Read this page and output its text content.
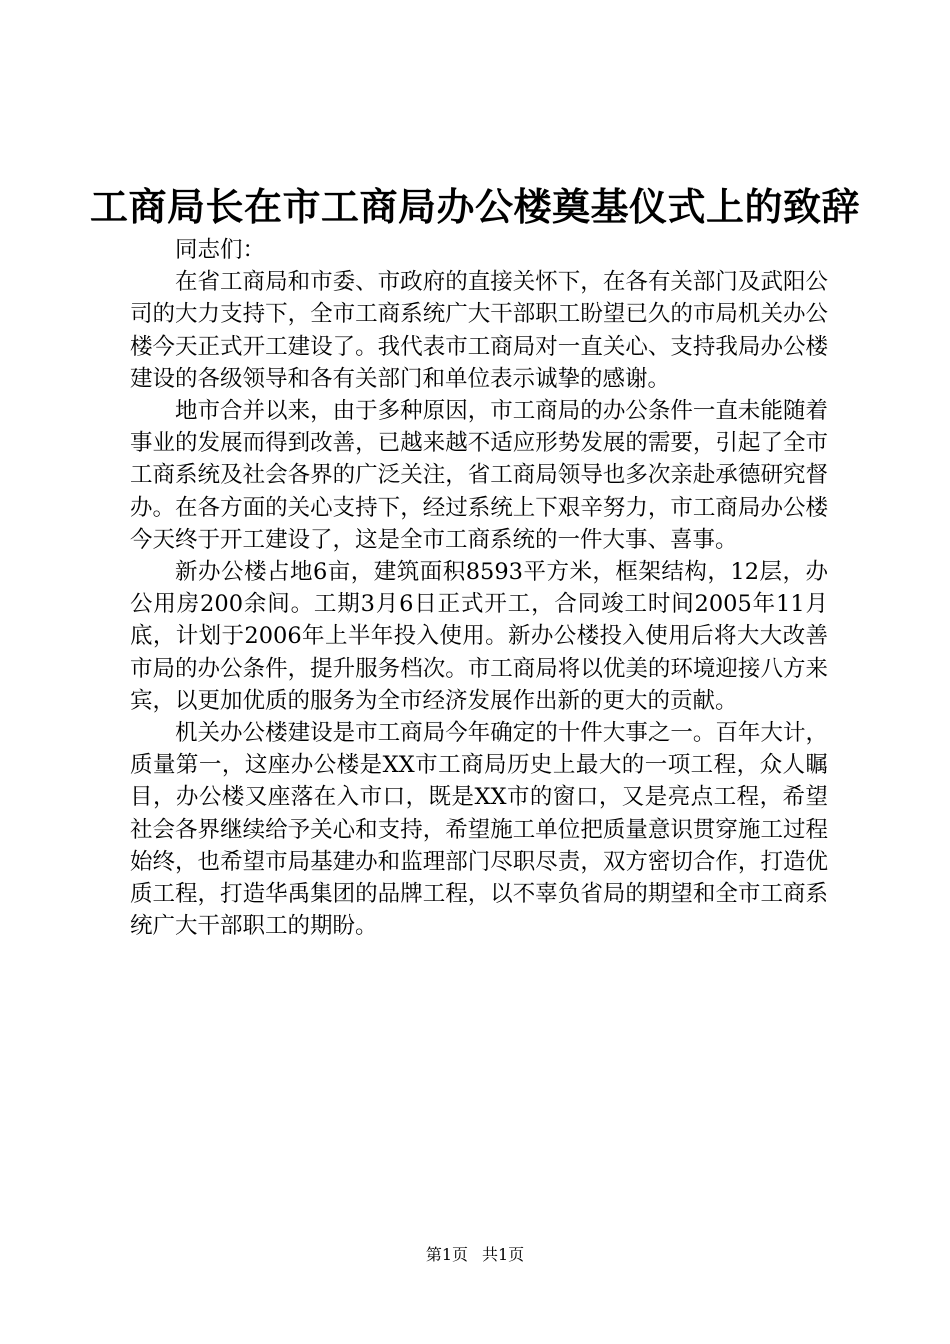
工商局长在市工商局办公楼奠基仪式上的致辞

同志们：

在省工商局和市委、市政府的直接关怀下，在各有关部门及武阳公司的大力支持下，全市工商系统广大干部职工盼望已久的市局机关办公楼今天正式开工建设了。我代表市工商局对一直关心、支持我局办公楼建设的各级领导和各有关部门和单位表示诚挚的感谢。

地市合并以来，由于多种原因，市工商局的办公条件一直未能随着事业的发展而得到改善，已越来越不适应形势发展的需要，引起了全市工商系统及社会各界的广泛关注，省工商局领导也多次亲赴承德研究督办。在各方面的关心支持下，经过系统上下艰辛努力，市工商局办公楼今天终于开工建设了，这是全市工商系统的一件大事、喜事。

新办公楼占地6亩，建筑面积8593平方米，框架结构，12层，办公用房200余间。工期3月6日正式开工，合同竣工时间2005年11月底，计划于2006年上半年投入使用。新办公楼投入使用后将大大改善市局的办公条件，提升服务档次。市工商局将以优美的环境迎接八方来宾，以更加优质的服务为全市经济发展作出新的更大的贡献。

机关办公楼建设是市工商局今年确定的十件大事之一。百年大计，质量第一，这座办公楼是XX市工商局历史上最大的一项工程，众人瞩目，办公楼又座落在入市口，既是XX市的窗口，又是亮点工程，希望社会各界继续给予关心和支持，希望施工单位把质量意识贯穿施工过程始终，也希望市局基建办和监理部门尽职尽责，双方密切合作，打造优质工程，打造华禹集团的品牌工程，以不辜负省局的期望和全市工商系统广大干部职工的期盼。

第1页 共1页
